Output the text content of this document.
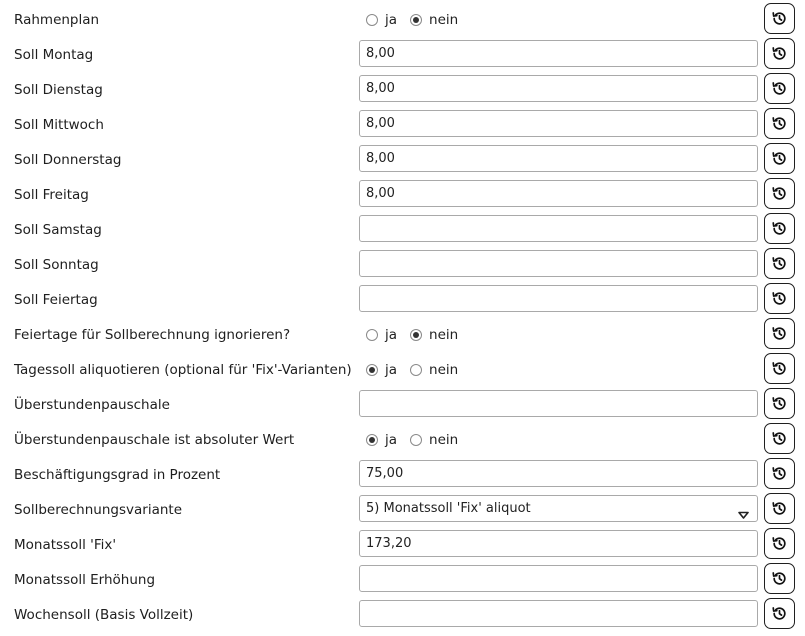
Rahmenplan	ja nein
Soll Montag	8,00
Soll Dienstag	8,00
Soll Mittwoch	8,00
Soll Donnerstag	8,00
Soll Freitag	8,00
Soll Samstag
Soll Sonntag
Soll Feiertag
Feiertage für Sollberechnung ignorieren?	ja nein
Tagessoll aliquotieren (optional für 'Fix'-Varianten) ja nein
Überstundenpauschale
Überstundenpauschale ist absoluter Wert	ja nein
Beschäftigungsgrad in Prozent	75,00
Sollberechnungsvariante	5) Monatssoll 'Fix' aliquot
Monatssoll 'Fix'	173,20
Monatssoll Erhöhung
Wochensoll (Basis Vollzeit)
